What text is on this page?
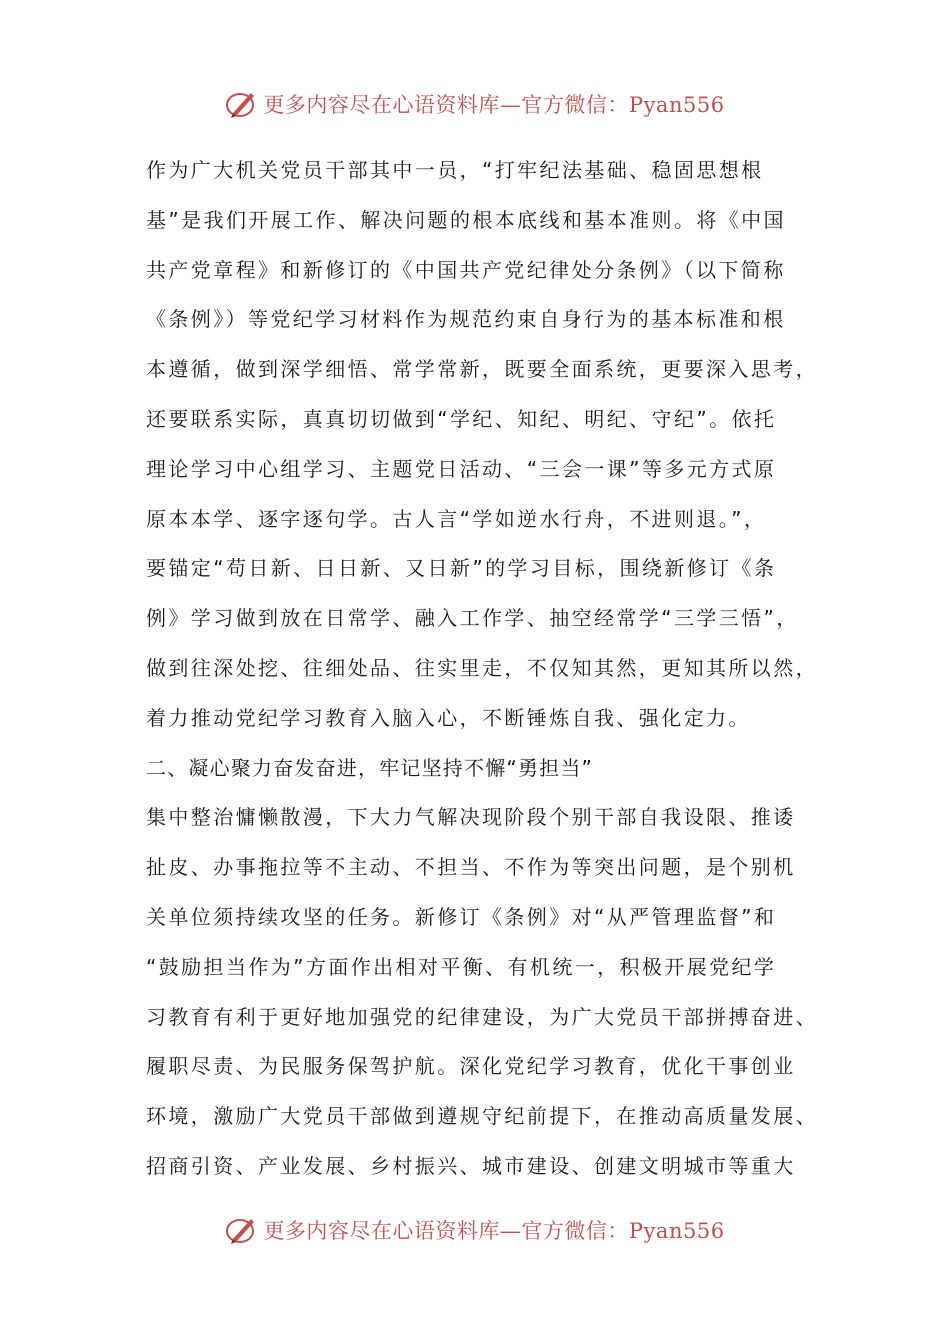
更多内容尽在心语资料库—官方微信：Pyan556
作为广大机关党员干部其中一员，“打牢纪法基础、稳固思想根
基”是我们开展工作、解决问题的根本底线和基本准则。将《中国
共产党章程》和新修订的《中国共产党纪律处分条例》（以下简称
《条例》）等党纪学习材料作为规范约束自身行为的基本标准和根
本遵循，做到深学细悟、常学常新，既要全面系统，更要深入思考，
还要联系实际，真真切切做到“学纪、知纪、明纪、守纪”。依托
理论学习中心组学习、主题党日活动、“三会一课”等多元方式原
原本本学、逐字逐句学。古人言“学如逆水行舟，不进则退。”，
要锚定“苟日新、日日新、又日新”的学习目标，围绕新修订《条
例》学习做到放在日常学、融入工作学、抽空经常学“三学三悟”，
做到往深处挖、往细处品、往实里走，不仅知其然，更知其所以然，
着力推动党纪学习教育入脑入心，不断锤炼自我、强化定力。
二、凝心聚力奋发奋进，牢记坚持不懈“勇担当”
集中整治慵懒散漫，下大力气解决现阶段个别干部自我设限、推诿
扯皮、办事拖拉等不主动、不担当、不作为等突出问题，是个别机
关单位须持续攻坚的任务。新修订《条例》对“从严管理监督”和
“鼓励担当作为”方面作出相对平衡、有机统一，积极开展党纪学
习教育有利于更好地加强党的纪律建设，为广大党员干部拼搏奋进、
履职尽责、为民服务保驾护航。深化党纪学习教育，优化干事创业
环境，激励广大党员干部做到遵规守纪前提下，在推动高质量发展、
招商引资、产业发展、乡村振兴、城市建设、创建文明城市等重大
更多内容尽在心语资料库—官方微信：Pyan556
